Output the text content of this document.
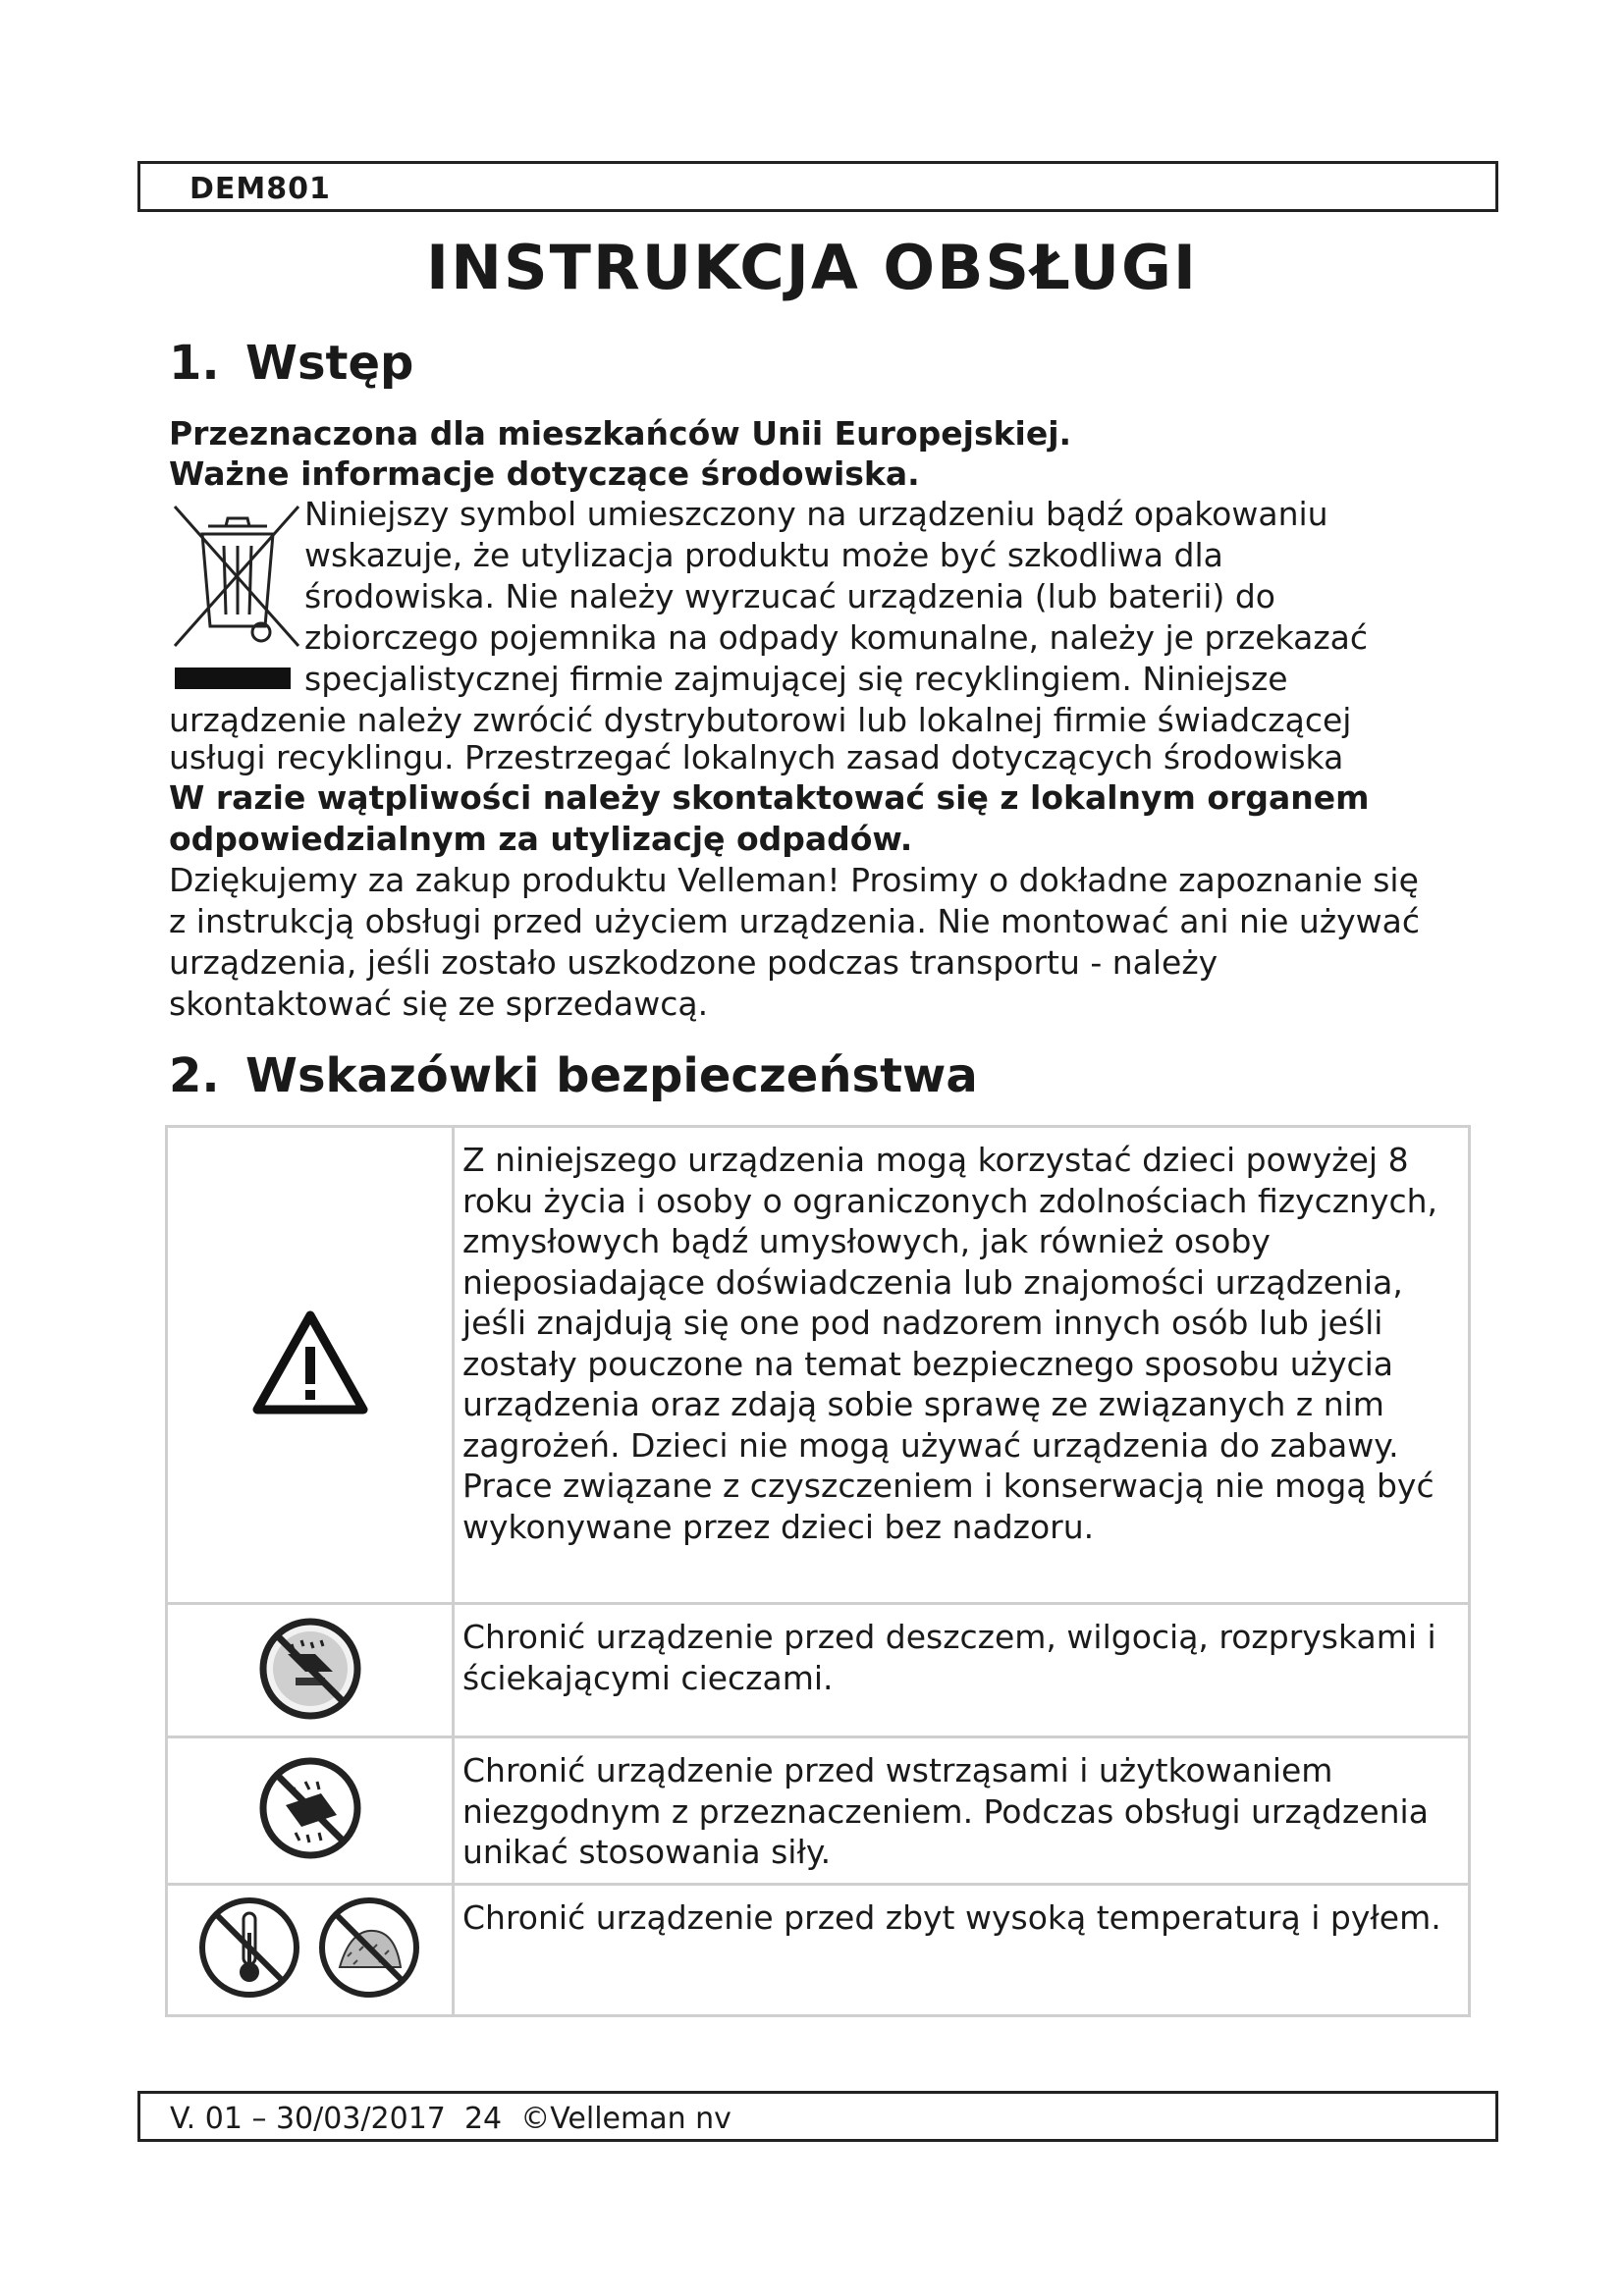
DEM801
INSTRUKCJA OBSŁUGI
1. Wstęp
Przeznaczona dla mieszkańców Unii Europejskiej.
Ważne informacje dotyczące środowiska.
Niniejszy symbol umieszczony na urządzeniu bądź opakowaniu
wskazuje, że utylizacja produktu może być szkodliwa dla
środowiska. Nie należy wyrzucać urządzenia (lub baterii) do
zbiorczego pojemnika na odpady komunalne, należy je przekazać
specjalistycznej firmie zajmującej się recyklingiem. Niniejsze
urządzenie należy zwrócić dystrybutorowi lub lokalnej firmie świadczącej
usługi recyklingu. Przestrzegać lokalnych zasad dotyczących środowiska
W razie wątpliwości należy skontaktować się z lokalnym organem odpowiedzialnym za utylizację odpadów.
Dziękujemy za zakup produktu Velleman! Prosimy o dokładne zapoznanie się z instrukcją obsługi przed użyciem urządzenia. Nie montować ani nie używać urządzenia, jeśli zostało uszkodzone podczas transportu - należy skontaktować się ze sprzedawcą.
2. Wskazówki bezpieczeństwa
	Z niniejszego urządzenia mogą korzystać dzieci powyżej 8 roku życia i osoby o ograniczonych zdolnościach fizycznych, zmysłowych bądź umysłowych, jak również osoby nieposiadające doświadczenia lub znajomości urządzenia, jeśli znajdują się one pod nadzorem innych osób lub jeśli zostały pouczone na temat bezpiecznego sposobu użycia urządzenia oraz zdają sobie sprawę ze związanych z nim zagrożeń. Dzieci nie mogą używać urządzenia do zabawy. Prace związane z czyszczeniem i konserwacją nie mogą być wykonywane przez dzieci bez nadzoru.
	Chronić urządzenie przed deszczem, wilgocią, rozpryskami i ściekającymi cieczami.
	Chronić urządzenie przed wstrząsami i użytkowaniem niezgodnym z przeznaczeniem. Podczas obsługi urządzenia unikać stosowania siły.
	Chronić urządzenie przed zbyt wysoką temperaturą i pyłem.
V. 01 – 30/03/2017  24  ©Velleman nv
